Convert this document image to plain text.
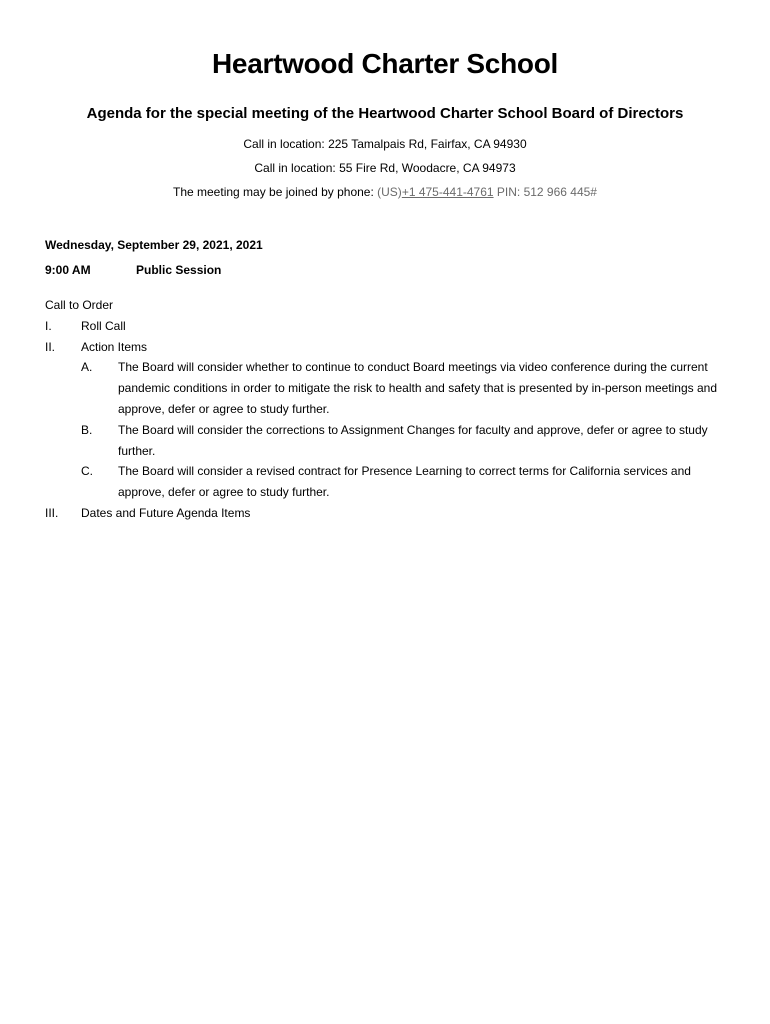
Heartwood Charter School
Agenda for the special meeting of the Heartwood Charter School Board of Directors
Call in location: 225 Tamalpais Rd, Fairfax, CA 94930
Call in location: 55 Fire Rd, Woodacre, CA 94973
The meeting may be joined by phone: (US)+1 475-441-4761 PIN: 512 966 445#
Wednesday, September 29, 2021, 2021
9:00 AM	Public Session
Call to Order
I.	Roll Call
II.	Action Items
A. The Board will consider whether to continue to conduct Board meetings via video conference during the current pandemic conditions in order to mitigate the risk to health and safety that is presented by in-person meetings and approve, defer or agree to study further.
B. The Board will consider the corrections to Assignment Changes for faculty and approve, defer or agree to study further.
C. The Board will consider a revised contract for Presence Learning to correct terms for California services and approve, defer or agree to study further.
III.	Dates and Future Agenda Items
